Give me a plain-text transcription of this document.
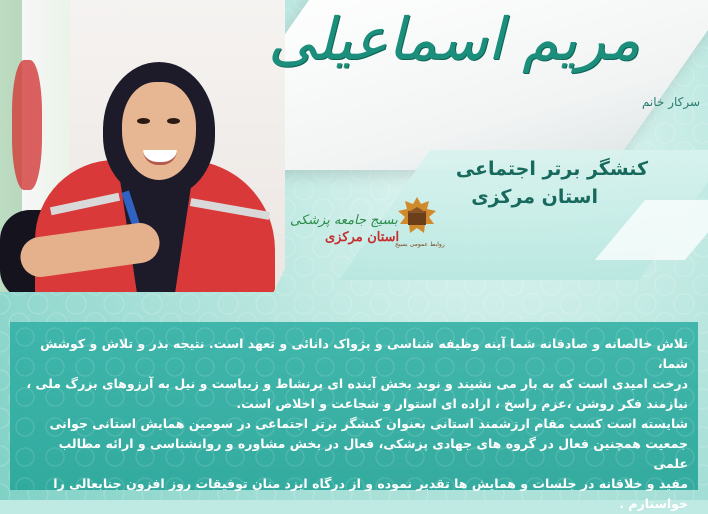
مریم اسماعیلی
سرکار خانم
کنشگر برتر اجتماعی
استان مرکزی
روابط عمومی بسیج
بسیج جامعه پزشکی
استان مرکزی

تلاش خالصانه و صادقانه شما آینه وظیفه شناسی و پژواک دانائی و تعهد است. نتیجه بذر و تلاش و کوشش شما،

درخت امیدی است که به بار می نشیند و نوید بخش آینده ای پرنشاط و زیباست و نیل به آرزوهای بزرگ ملی ،

نیازمند فکر روشن ،عزم راسخ ، اراده ای استوار و شجاعت و اخلاص است.

شایسته است کسب مقام ارزشمند استانی بعنوان کنشگر برتر اجتماعی در سومین همایش استانی جوانی

جمعیت همچنین فعال در گروه های جهادی پزشکی، فعال در بخش مشاوره و روانشناسی و ارائه مطالب علمی

مفید و خلاقانه در جلسات و همایش ها تقدیر نموده و از درگاه ایزد منان توفیقات روز افزون جنابعالی را خواستارم .
